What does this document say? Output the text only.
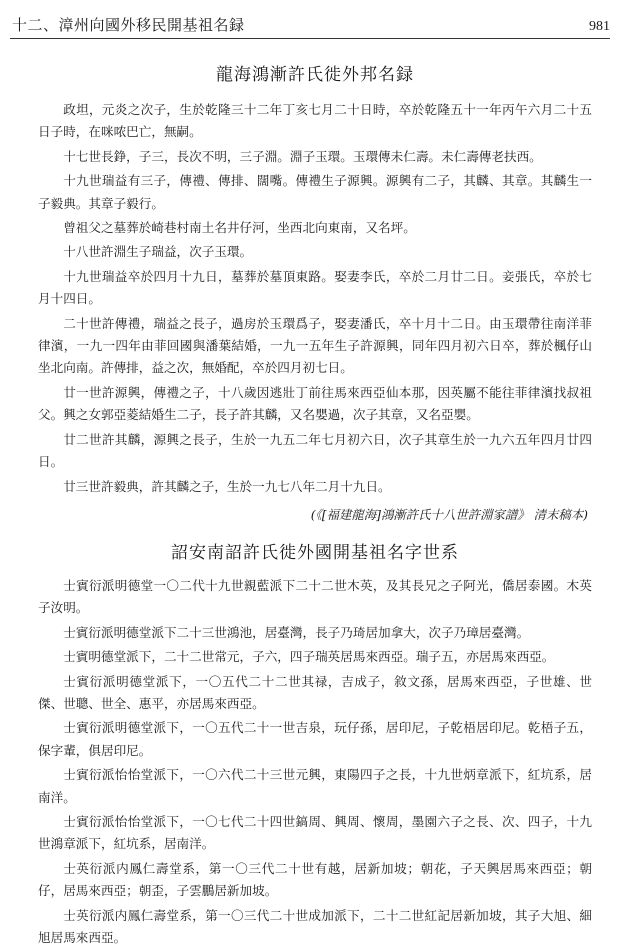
十二、漳州向國外移民開基祖名録	981
龍海鴻漸許氏徙外邦名録

政坦，元炎之次子，生於乾隆三十二年丁亥七月二十日時，卒於乾隆五十一年丙午六月二十五日子時，在咪哝巴亡，無嗣。

十七世長錚，子三，長次不明，三子淵。淵子玉環。玉環傳未仁壽。未仁壽傳老扶西。

十九世瑞益有三子，傳禮、傳排、闊嘴。傳禮生子源興。源興有二子，其麟、其章。其麟生一子毅典。其章子毅行。

曾祖父之墓葬於崎巷村南土名井仔河，坐西北向東南，又名坪。

十八世許淵生子瑞益，次子玉環。

十九世瑞益卒於四月十九日，墓葬於墓頂東路。娶妻李氏，卒於二月廿二日。妾張氏，卒於七月十四日。

二十世許傳禮，瑞益之長子，過房於玉環爲子，娶妻潘氏，卒十月十二日。由玉環帶往南洋菲律濱，一九一四年由菲回國與潘葉結婚，一九一五年生子許源興，同年四月初六日卒，葬於楓仔山坐北向南。許傳排，益之次，無婚配，卒於四月初七日。

廿一世許源興，傳禮之子，十八歲因逃壯丁前往馬來西亞仙本那，因英屬不能往菲律濱找叔祖父。興之女郭亞菱結婚生二子，長子許其麟，又名嬰過，次子其章，又名亞嬰。

廿二世許其麟，源興之長子，生於一九五二年七月初六日，次子其章生於一九六五年四月廿四日。

廿三世許毅典，許其麟之子，生於一九七八年二月十九日。

(《[福建龍海]鴻漸許氏十八世許淵家譜》 清末稿本)
詔安南詔許氏徙外國開基祖名字世系

士賓衍派明德堂一〇二代十九世親藍派下二十二世木英，及其長兄之子阿光，僑居泰國。木英子汝明。

士賓衍派明德堂派下二十三世鴻池，居臺灣，長子乃琦居加拿大，次子乃璋居臺灣。

士賓明德堂派下，二十二世常元，子六，四子瑞英居馬來西亞。瑞子五，亦居馬來西亞。

士賓衍派明德堂派下，一〇五代二十二世其禄，吉成子，敘文孫，居馬來西亞，子世雄、世傑、世聰、世全、惠平，亦居馬來西亞。

士賓衍派明德堂派下，一〇五代二十一世吉泉，玩仔孫，居印尼，子乾梧居印尼。乾梧子五，保字輩，俱居印尼。

士賓衍派怡怡堂派下，一〇六代二十三世元興，東陽四子之長，十九世炳章派下，紅坑系，居南洋。

士賓衍派怡怡堂派下，一〇七代二十四世鎬周、興周、懷周，墨園六子之長、次、四子，十九世鴻章派下，紅坑系，居南洋。

士英衍派内鳳仁壽堂系，第一〇三代二十世有越，居新加坡；朝花，子天興居馬來西亞；朝仔，居馬來西亞；朝歪，子雲鵬居新加坡。

士英衍派内鳳仁壽堂系，第一〇三代二十世成加派下，二十二世紅記居新加坡，其子大旭、細旭居馬來西亞。
